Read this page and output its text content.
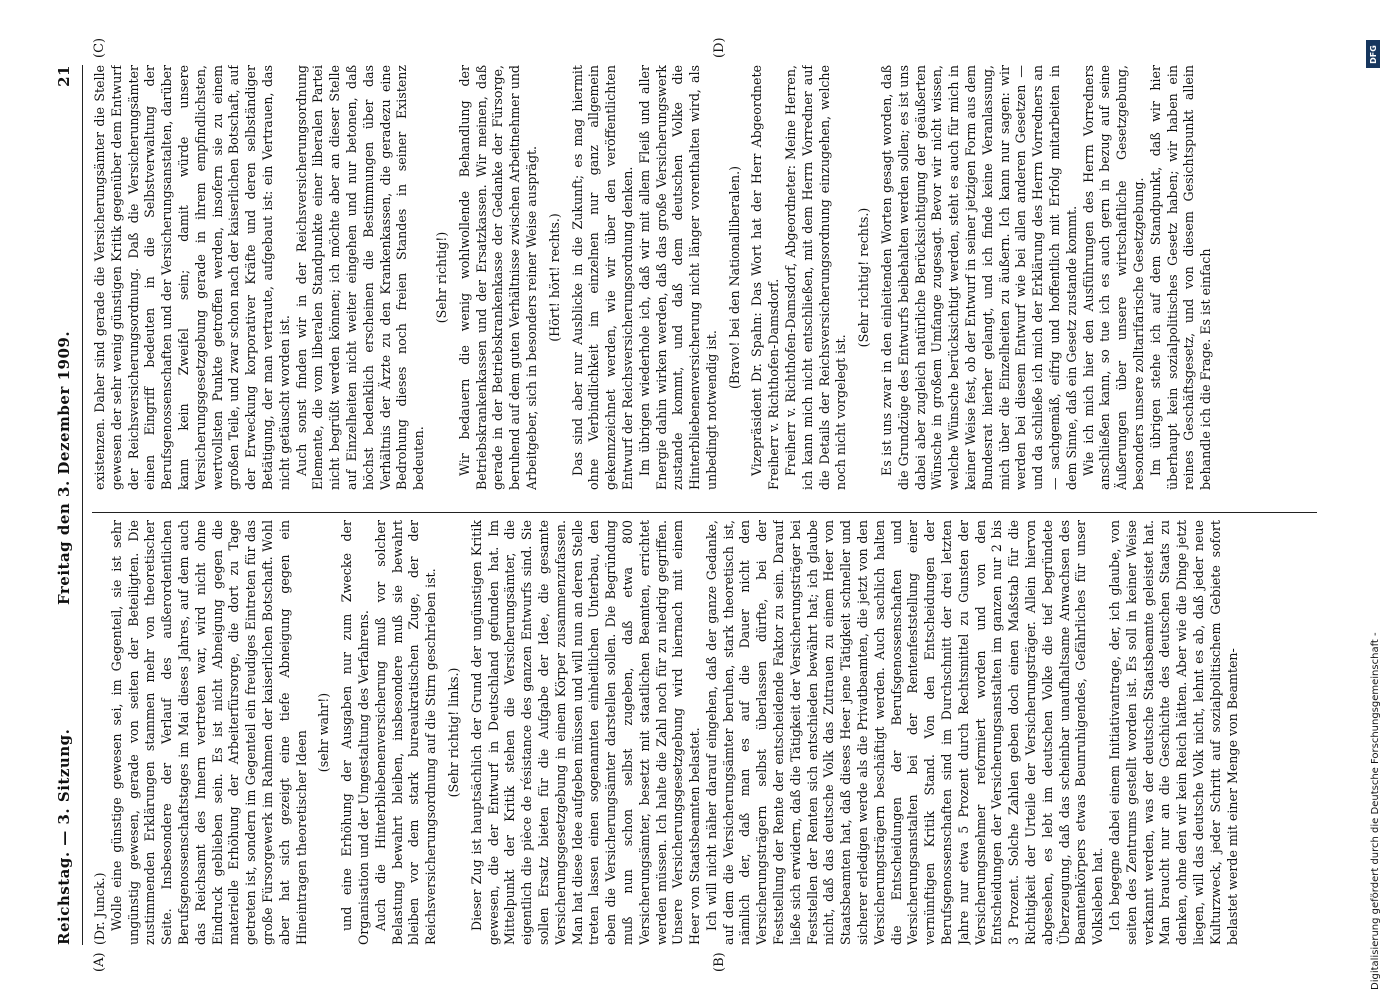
Reichstag. — 3. Sitzung.
Freitag den 3. Dezember 1909.
21
(A)	(B)
(C)	(D)

(Dr. Junck.) Wolle eine günstige gewesen sei, im Gegenteil, sie ist sehr ungünstig gewesen, gerade von seiten der Beteiligten. Die zustimmenden Erklärungen stammen mehr von theoretischer Seite. Insbesondere der Verlauf des außerordentlichen Berufsgenossenschaftstages im Mai dieses Jahres, auf dem auch das Reichsamt des Innern vertreten war, wird nicht ohne Eindruck geblieben sein. Es ist nicht Abneigung gegen die materielle Erhöhung der Arbeiterfürsorge, die dort zu Tage getreten ist, sondern im Gegenteil ein freudiges Eintreten für das große Fürsorgewerk im Rahmen der kaiserlichen Botschaft. Wohl aber hat sich gezeigt eine tiefe Abneigung gegen ein Hineintragen theoretischer Ideen (sehr wahr!) und eine Erhöhung der Ausgaben nur zum Zwecke der Organisation und der Umgestaltung des Verfahrens. Auch die Hinterbliebenenversicherung muß vor solcher Belastung bewahrt bleiben, insbesondere muß sie bewahrt bleiben vor dem stark bureaukratischen Zuge, der der Reichsversicherungsordnung auf die Stirn geschrieben ist. (Sehr richtig! links.) Dieser Zug ist hauptsächlich der Grund der ungünstigen Kritik gewesen, die der Entwurf in Deutschland gefunden hat. Im Mittelpunkt der Kritik stehen die Versicherungsämter, die eigentlich die pièce de résistance des ganzen Entwurfs sind. Sie sollen Ersatz bieten für die Aufgabe der Idee, die gesamte Versicherungsgesetzgebung in einem Körper zusammenzufassen. Man hat diese Idee aufgeben müssen und will nun an deren Stelle treten lassen einen sogenannten einheitlichen Unterbau, den eben die Versicherungsämter darstellen sollen. Die Begründung muß nun schon selbst zugeben, daß etwa 800 Versicherungsämter, besetzt mit staatlichen Beamten, errichtet werden müssen. Ich halte die Zahl noch für zu niedrig gegriffen. Unsere Versicherungsgesetzgebung wird hiernach mit einem Heer von Staatsbeamten belastet. Ich will nicht näher darauf eingehen, daß der ganze Gedanke, auf dem die Versicherungsämter beruhen, stark theoretisch ist, nämlich der, daß man es auf die Dauer nicht den Versicherungsträgern selbst überlassen dürfte, bei der Feststellung der Rente der entscheidende Faktor zu sein. Darauf ließe sich erwidern, daß die Tätigkeit der Versicherungsträger bei Feststellen der Renten sich entschieden bewährt hat; ich glaube nicht, daß das deutsche Volk das Zutrauen zu einem Heer von Staatsbeamten hat, daß dieses Heer jene Tätigkeit schneller und sicherer erledigen werde als die Privatbeamten, die jetzt von den Versicherungsträgern beschäftigt werden. Auch sachlich halten die Entscheidungen der Berufsgenossenschaften und Versicherungsanstalten bei der Rentenfeststellung einer vernünftigen Kritik Stand. Von den Entscheidungen der Berufsgenossenschaften sind im Durchschnitt der drei letzten Jahre nur etwa 5 Prozent durch Rechtsmittel zu Gunsten der Versicherungsnehmer reformiert worden und von den Entscheidungen der Versicherungsanstalten im ganzen nur 2 bis 3 Prozent. Solche Zahlen geben doch einen Maßstab für die Richtigkeit der Urteile der Versicherungsträger. Allein hiervon abgesehen, es lebt im deutschen Volke die tief begründete Überzeugung, daß das scheinbar unaufhaltsame Anwachsen des Beamtenkörpers etwas Beunruhigendes, Gefährliches für unser Volksleben hat. Ich begegne dabei einem Initiativantrage, der, ich glaube, von seiten des Zentrums gestellt worden ist. Es soll in keiner Weise verkannt werden, was der deutsche Staatsbeamte geleistet hat. Man braucht nur an die Geschichte des deutschen Staats zu denken, ohne den wir kein Reich hätten. Aber wie die Dinge jetzt liegen, will das deutsche Volk nicht, lehnt es ab, daß jeder neue Kulturzweck, jeder Schritt auf sozialpolitischem Gebiete sofort belastet werde mit einer Menge von Beamten-

existenzen. Daher sind gerade die Versicherungsämter die Stelle gewesen der sehr wenig günstigen Kritik gegenüber dem Entwurf der Reichsversicherungsordnung. Daß die Versicherungsämter einen Eingriff bedeuten in die Selbstverwaltung der Berufsgenossenschaften und der Versicherungsanstalten, darüber kann kein Zweifel sein; damit würde unsere Versicherungsgesetzgebung gerade in ihrem empfindlichsten, wertvollsten Punkte getroffen werden, insofern sie zu einem großen Teile, und zwar schon nach der kaiserlichen Botschaft, auf der Erweckung korporativer Kräfte und deren selbständiger Betätigung, der man vertraute, aufgebaut ist: ein Vertrauen, das nicht getäuscht worden ist. Auch sonst finden wir in der Reichsversicherungsordnung Elemente, die vom liberalen Standpunkte einer liberalen Partei nicht begrüßt werden können; ich möchte aber an dieser Stelle auf Einzelheiten nicht weiter eingehen und nur betonen, daß höchst bedenklich erscheinen die Bestimmungen über das Verhältnis der Ärzte zu den Krankenkassen, die geradezu eine Bedrohung dieses noch freien Standes in seiner Existenz bedeuten.

(Sehr richtig!) Wir bedauern die wenig wohlwollende Behandlung der Betriebskrankenkassen und der Ersatzkassen. Wir meinen, daß gerade in der Betriebskrankenkasse der Gedanke der Fürsorge, beruhend auf dem guten Verhältnisse zwischen Arbeitnehmer und Arbeitgeber, sich in besonders reiner Weise ausprägt. (Hört! hört! rechts.) Das sind aber nur Ausblicke in die Zukunft; es mag hiermit ohne Verbindlichkeit im einzelnen nur ganz allgemein gekennzeichnet werden, wie wir über den veröffentlichten Entwurf der Reichsversicherungsordnung denken. Im übrigen wiederhole ich, daß wir mit allem Fleiß und aller Energie dahin wirken werden, daß das große Versicherungswerk zustande kommt, und daß dem deutschen Volke die Hinterbliebenenversicherung nicht länger vorenthalten wird, als unbedingt notwendig ist.

(Bravo! bei den Nationalliberalen.) Vizepräsident Dr. Spahn: Das Wort hat der Herr Abgeordnete Freiherr v. Richthofen-Damsdorf. Freiherr v. Richthofen-Damsdorf, Abgeordneter: Meine Herren, ich kann mich nicht entschließen, mit dem Herrn Vorredner auf die Details der Reichsversicherungsordnung einzugehen, welche noch nicht vorgelegt ist.

(Sehr richtig! rechts.) Es ist uns zwar in den einleitenden Worten gesagt worden, daß die Grundzüge des Entwurfs beibehalten werden sollen; es ist uns dabei aber zugleich natürliche Berücksichtigung der geäußerten Wünsche in großem Umfange zugesagt. Bevor wir nicht wissen, welche Wünsche berücksichtigt werden, steht es auch für mich in keiner Weise fest, ob der Entwurf in seiner jetzigen Form aus dem Bundesrat hierher gelangt, und ich finde keine Veranlassung, mich über die Einzelheiten zu äußern. Ich kann nur sagen: wir werden bei diesem Entwurf wie bei allen anderen Gesetzen — und da schließe ich mich der Erklärung des Herrn Vorredners an — sachgemäß, eifrig und hoffentlich mit Erfolg mitarbeiten in dem Sinne, daß ein Gesetz zustande kommt. Wie ich mich hier den Ausführungen des Herrn Vorredners anschließen kann, so tue ich es auch gern in bezug auf seine Äußerungen über unsere wirtschaftliche Gesetzgebung, besonders unsere zolltarifarische Gesetzgebung. Im übrigen stehe ich auf dem Standpunkt, daß wir hier überhaupt kein sozialpolitisches Gesetz haben; wir haben ein reines Geschäftsgesetz, und von diesem Gesichtspunkt allein behandle ich die Frage. Es ist einfach

DFG
Digitalisierung gefördert durch die Deutsche Forschungsgemeinschaft -
